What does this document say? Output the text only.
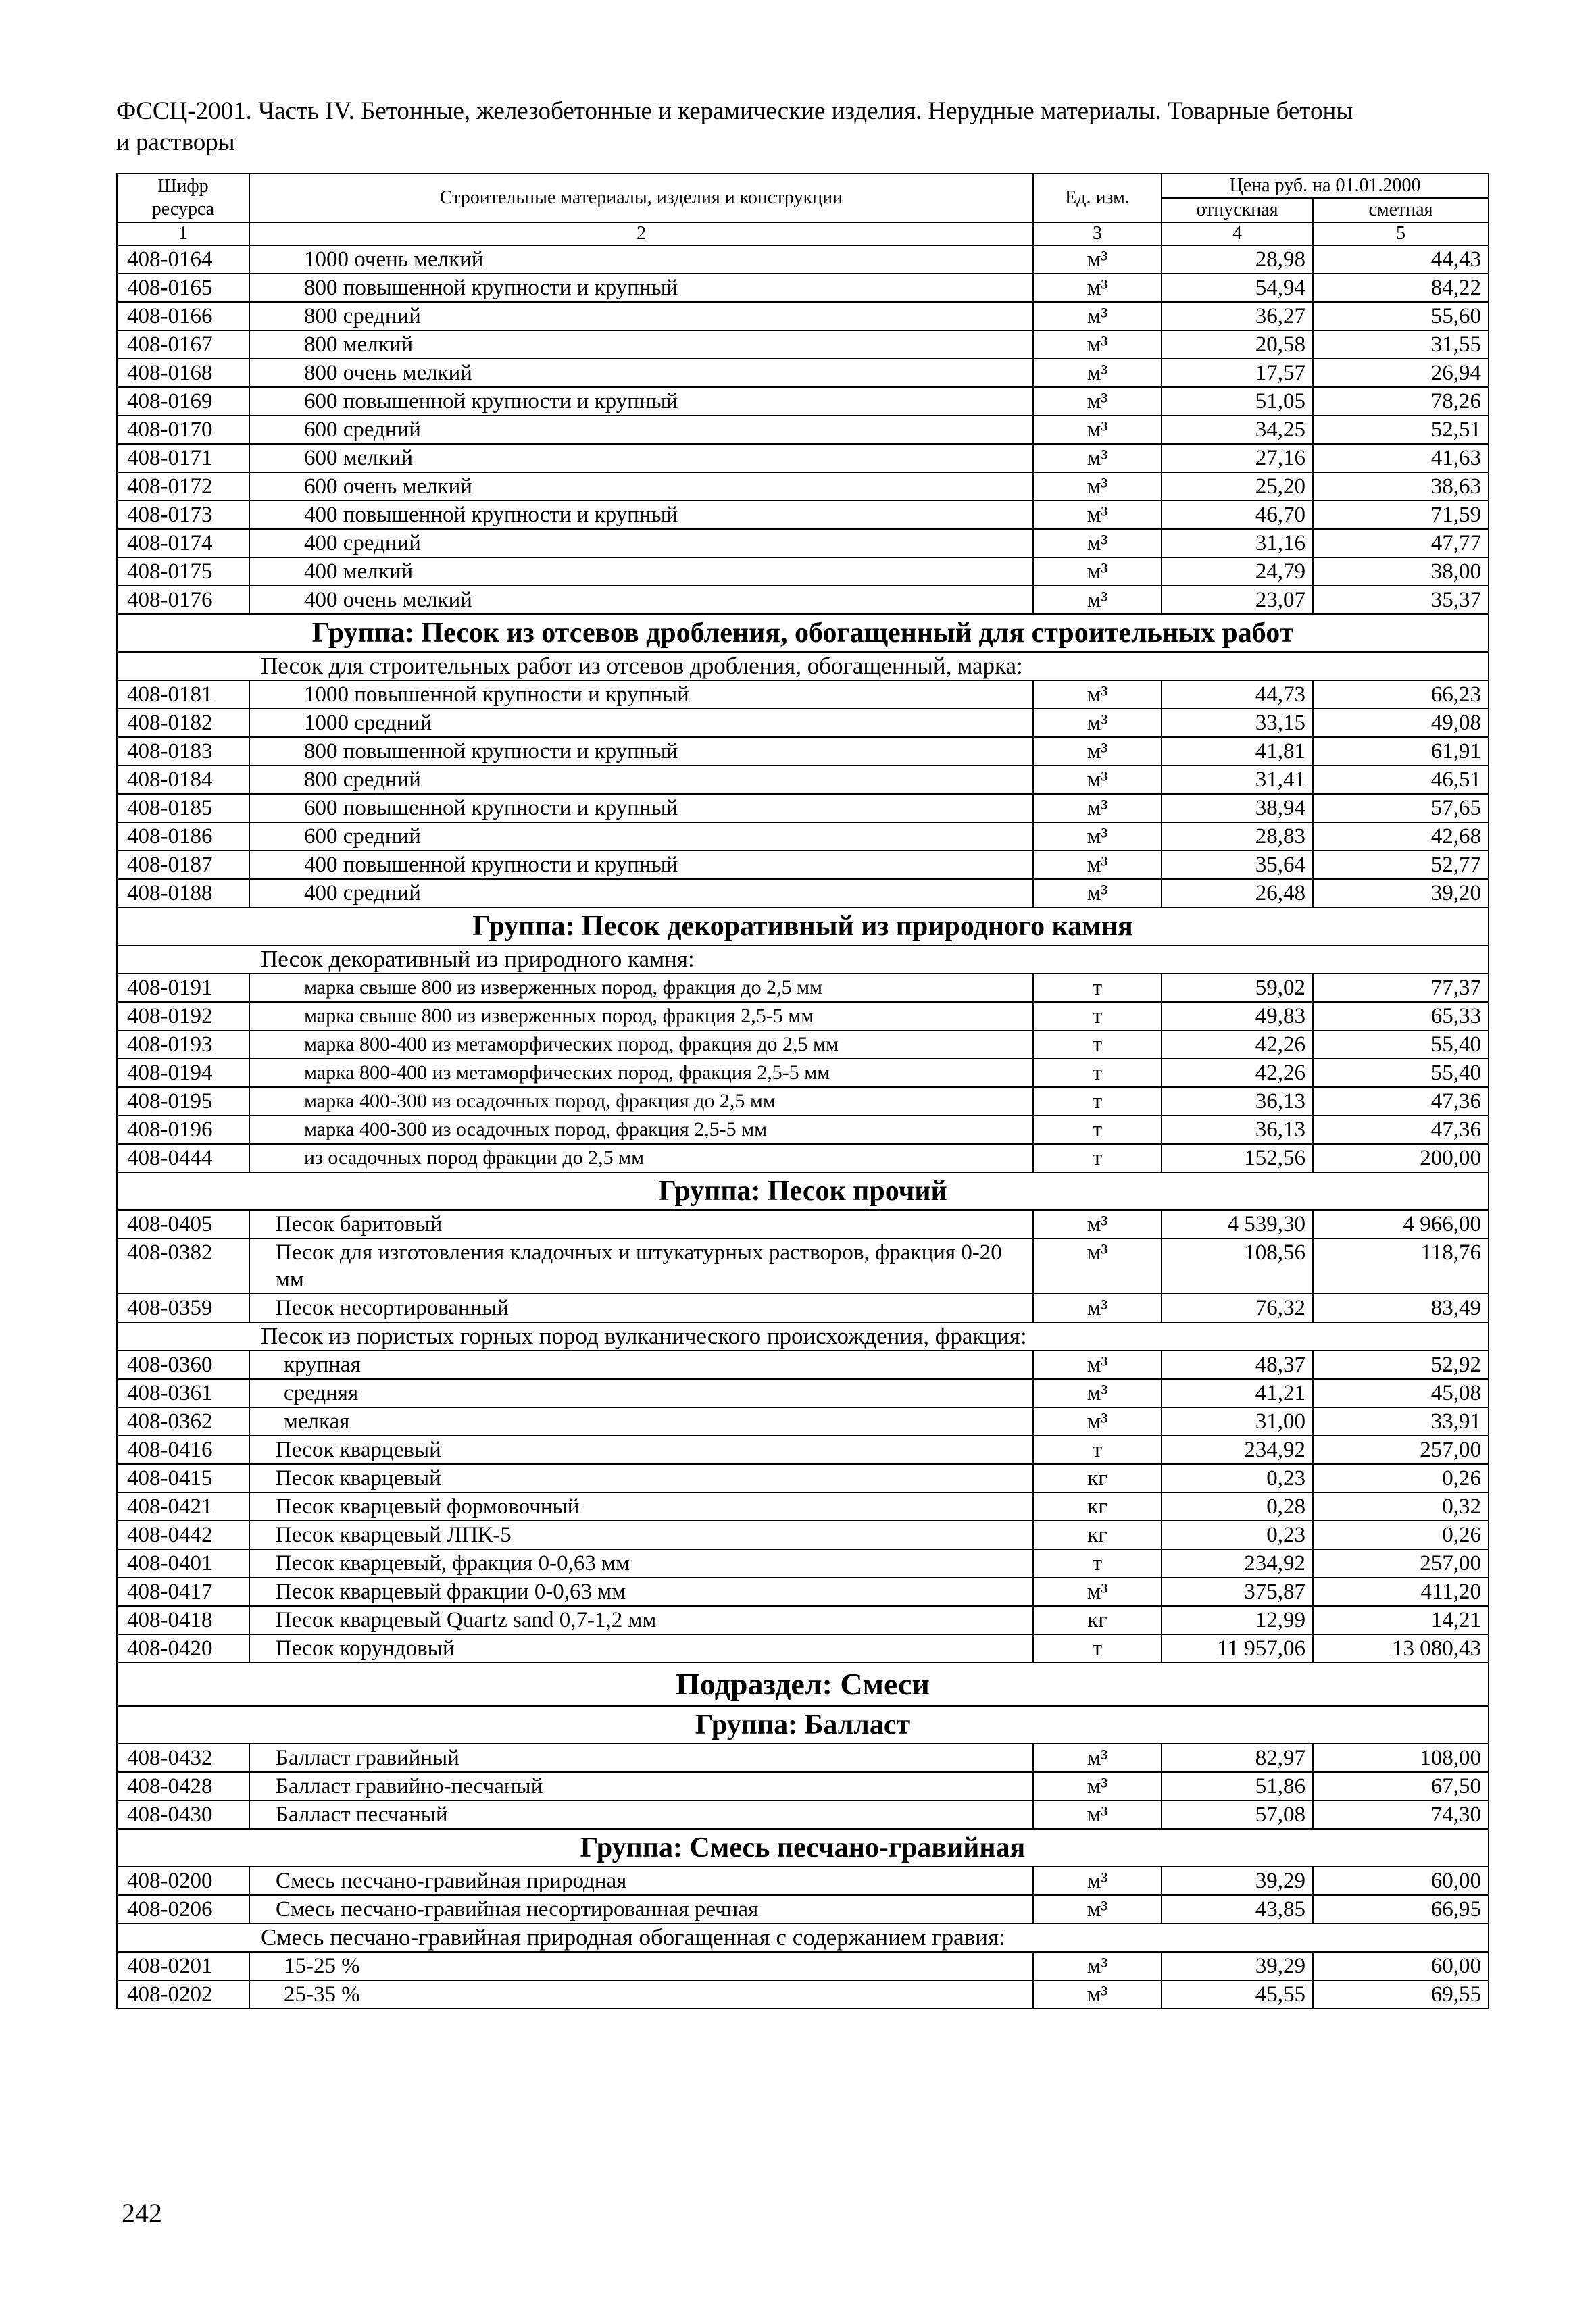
ФССЦ-2001. Часть IV. Бетонные, железобетонные и керамические изделия. Нерудные материалы. Товарные бетоны
и растворы
Шифр ресурса	Строительные материалы, изделия и конструкции	Ед. изм.	Цена руб. на 01.01.2000	
			отпускная	сметная
1	2	3	4	5
408-0164	1000 очень мелкий	м³	28,98	44,43
408-0165	800 повышенной крупности и крупный	м³	54,94	84,22
408-0166	800 средний	м³	36,27	55,60
408-0167	800 мелкий	м³	20,58	31,55
408-0168	800 очень мелкий	м³	17,57	26,94
408-0169	600 повышенной крупности и крупный	м³	51,05	78,26
408-0170	600 средний	м³	34,25	52,51
408-0171	600 мелкий	м³	27,16	41,63
408-0172	600 очень мелкий	м³	25,20	38,63
408-0173	400 повышенной крупности и крупный	м³	46,70	71,59
408-0174	400 средний	м³	31,16	47,77
408-0175	400 мелкий	м³	24,79	38,00
408-0176	400 очень мелкий	м³	23,07	35,37
Группа: Песок из отсевов дробления, обогащенный для строительных работ				
Песок для строительных работ из отсевов дробления, обогащенный, марка:				
408-0181	1000 повышенной крупности и крупный	м³	44,73	66,23
408-0182	1000 средний	м³	33,15	49,08
408-0183	800 повышенной крупности и крупный	м³	41,81	61,91
408-0184	800 средний	м³	31,41	46,51
408-0185	600 повышенной крупности и крупный	м³	38,94	57,65
408-0186	600 средний	м³	28,83	42,68
408-0187	400 повышенной крупности и крупный	м³	35,64	52,77
408-0188	400 средний	м³	26,48	39,20
Группа: Песок декоративный из природного камня				
Песок декоративный из природного камня:				
408-0191	марка свыше 800 из изверженных пород, фракция до 2,5 мм	т	59,02	77,37
408-0192	марка свыше 800 из изверженных пород, фракция 2,5-5 мм	т	49,83	65,33
408-0193	марка 800-400 из метаморфических пород, фракция до 2,5 мм	т	42,26	55,40
408-0194	марка 800-400 из метаморфических пород, фракция 2,5-5 мм	т	42,26	55,40
408-0195	марка 400-300 из осадочных пород, фракция до 2,5 мм	т	36,13	47,36
408-0196	марка 400-300 из осадочных пород, фракция 2,5-5 мм	т	36,13	47,36
408-0444	из осадочных пород фракции до 2,5 мм	т	152,56	200,00
Группа: Песок прочий				
408-0405	Песок баритовый	м³	4 539,30	4 966,00
408-0382	Песок для изготовления кладочных и штукатурных растворов, фракция 0-20 мм	м³	108,56	118,76
408-0359	Песок несортированный	м³	76,32	83,49
Песок из пористых горных пород вулканического происхождения, фракция:				
408-0360	крупная	м³	48,37	52,92
408-0361	средняя	м³	41,21	45,08
408-0362	мелкая	м³	31,00	33,91
408-0416	Песок кварцевый	т	234,92	257,00
408-0415	Песок кварцевый	кг	0,23	0,26
408-0421	Песок кварцевый формовочный	кг	0,28	0,32
408-0442	Песок кварцевый ЛПК-5	кг	0,23	0,26
408-0401	Песок кварцевый, фракция 0-0,63 мм	т	234,92	257,00
408-0417	Песок кварцевый фракции 0-0,63 мм	м³	375,87	411,20
408-0418	Песок кварцевый Quartz sand 0,7-1,2 мм	кг	12,99	14,21
408-0420	Песок корундовый	т	11 957,06	13 080,43
Подраздел: Смеси				
Группа: Балласт				
408-0432	Балласт гравийный	м³	82,97	108,00
408-0428	Балласт гравийно-песчаный	м³	51,86	67,50
408-0430	Балласт песчаный	м³	57,08	74,30
Группа: Смесь песчано-гравийная				
408-0200	Смесь песчано-гравийная природная	м³	39,29	60,00
408-0206	Смесь песчано-гравийная несортированная речная	м³	43,85	66,95
Смесь песчано-гравийная природная обогащенная с содержанием гравия:				
408-0201	15-25 %	м³	39,29	60,00
408-0202	25-35 %	м³	45,55	69,55
242
